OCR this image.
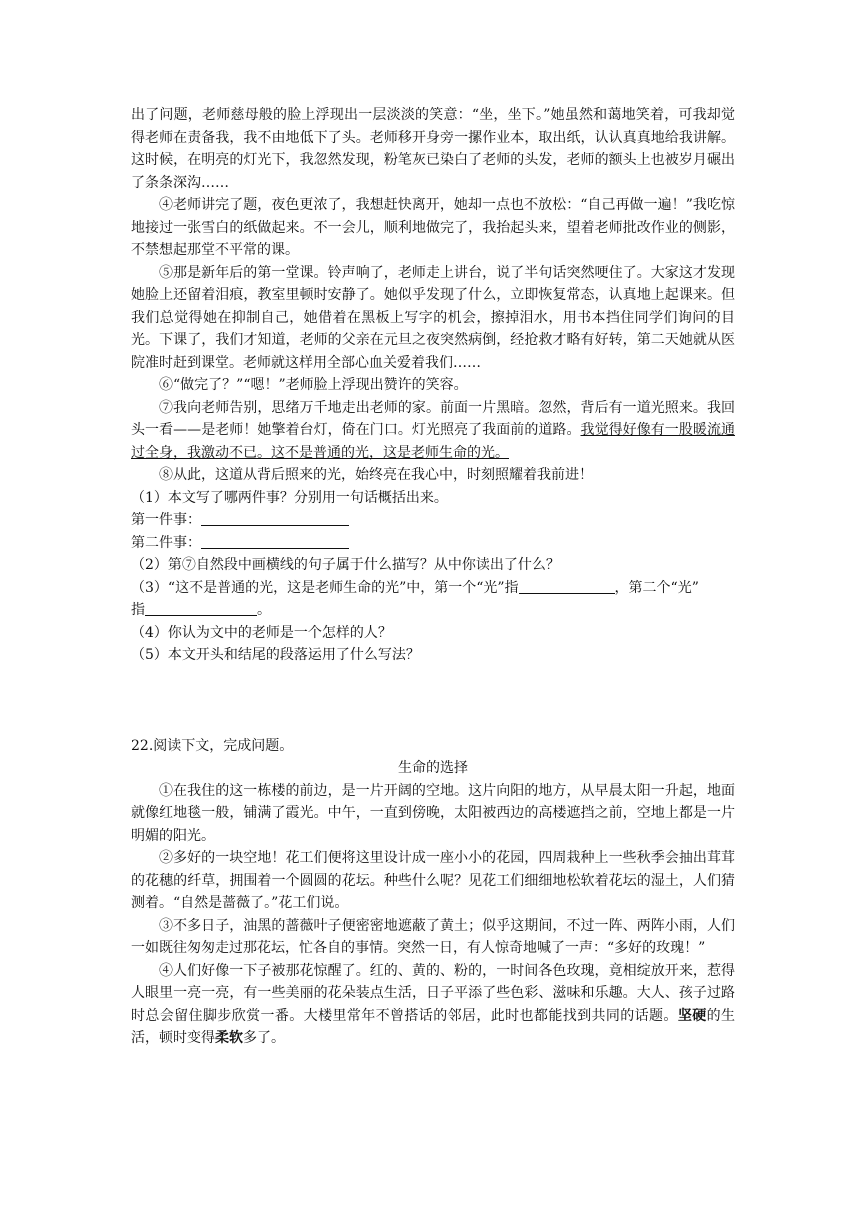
出了问题，老师慈母般的脸上浮现出一层淡淡的笑意：“坐，坐下。”她虽然和蔼地笑着，可我却觉得老师在责备我，我不由地低下了头。老师移开身旁一摞作业本，取出纸，认认真真地给我讲解。这时候，在明亮的灯光下，我忽然发现，粉笔灰已染白了老师的头发，老师的额头上也被岁月碾出了条条深沟……
④老师讲完了题，夜色更浓了，我想赶快离开，她却一点也不放松：“自己再做一遍！”我吃惊地接过一张雪白的纸做起来。不一会儿，顺利地做完了，我抬起头来，望着老师批改作业的侧影，不禁想起那堂不平常的课。
⑤那是新年后的第一堂课。铃声响了，老师走上讲台，说了半句话突然哽住了。大家这才发现她脸上还留着泪痕，教室里顿时安静了。她似乎发现了什么，立即恢复常态，认真地上起课来。但我们总觉得她在抑制自己，她借着在黑板上写字的机会，擦掉泪水，用书本挡住同学们询问的目光。下课了，我们才知道，老师的父亲在元旦之夜突然病倒，经抢救才略有好转，第二天她就从医院准时赶到课堂。老师就这样用全部心血关爱着我们……
⑥“做完了？”“嗯！”老师脸上浮现出赞许的笑容。
⑦我向老师告别，思绪万千地走出老师的家。前面一片黑暗。忽然，背后有一道光照来。我回头一看——是老师！她擎着台灯，倚在门口。灯光照亮了我面前的道路。我觉得好像有一股暖流通过全身，我激动不已。这不是普通的光，这是老师生命的光。
⑧从此，这道从背后照来的光，始终亮在我心中，时刻照耀着我前进！
（1）本文写了哪两件事？分别用一句话概括出来。
第一件事：
第二件事：
（2）第⑦自然段中画横线的句子属于什么描写？从中你读出了什么？
（3）“这不是普通的光，这是老师生命的光”中，第一个“光”指	，第二个“光”
指	。
（4）你认为文中的老师是一个怎样的人？
（5）本文开头和结尾的段落运用了什么写法？
22.阅读下文，完成问题。
生命的选择
①在我住的这一栋楼的前边，是一片开阔的空地。这片向阳的地方，从早晨太阳一升起，地面就像红地毯一般，铺满了霞光。中午，一直到傍晚，太阳被西边的高楼遮挡之前，空地上都是一片明媚的阳光。
②多好的一块空地！花工们便将这里设计成一座小小的花园，四周栽种上一些秋季会抽出茸茸的花穗的纤草，拥围着一个圆圆的花坛。种些什么呢？见花工们细细地松软着花坛的湿土，人们猜测着。“自然是蔷薇了。”花工们说。
③不多日子，油黑的蔷薇叶子便密密地遮蔽了黄土；似乎这期间，不过一阵、两阵小雨，人们一如既往匆匆走过那花坛，忙各自的事情。突然一日，有人惊奇地喊了一声：“多好的玫瑰！”
④人们好像一下子被那花惊醒了。红的、黄的、粉的，一时间各色玫瑰，竟相绽放开来，惹得人眼里一亮一亮，有一些美丽的花朵装点生活，日子平添了些色彩、滋味和乐趣。大人、孩子过路时总会留住脚步欣赏一番。大楼里常年不曾搭话的邻居，此时也都能找到共同的话题。坚硬的生活，顿时变得柔软多了。
